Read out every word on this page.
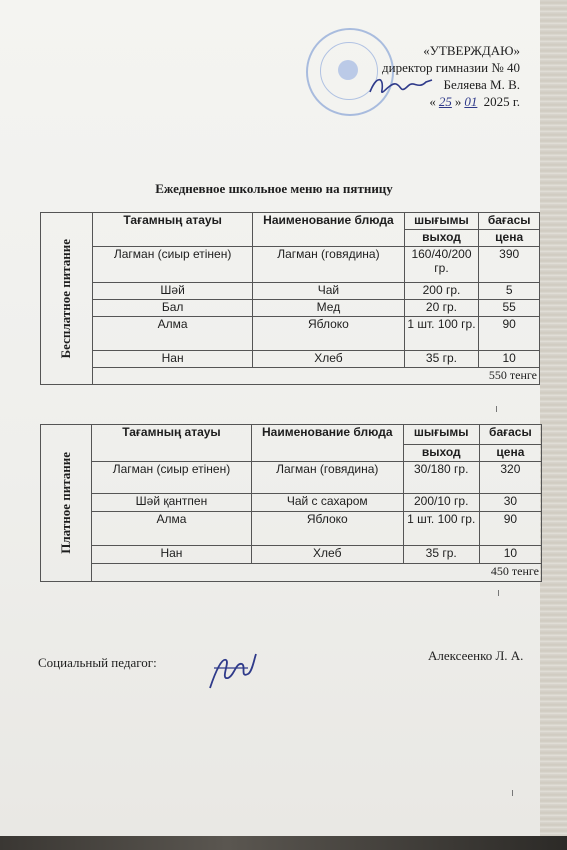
«УТВЕРЖДАЮ»
директор гимназии № 40
Беляева М. В.
« 25 » 01 2025 г.
Ежедневное школьное меню на пятницу
Бесплатное питание	Тағамның атауы	Наименование блюда	шығымы	бағасы
			выход	цена
	Лагман (сиыр етінен)	Лагман (говядина)	160/40/200 гр.	390
	Шәй	Чай	200 гр.	5
	Бал	Мед	20 гр.	55
	Алма	Яблоко	1 шт. 100 гр.	90
	Нан	Хлеб	35 гр.	10
	550 тенге			
Платное питание	Тағамның атауы	Наименование блюда	шығымы	бағасы
			выход	цена
	Лагман (сиыр етінен)	Лагман (говядина)	30/180 гр.	320
	Шәй қантпен	Чай с сахаром	200/10 гр.	30
	Алма	Яблоко	1 шт. 100 гр.	90
	Нан	Хлеб	35 гр.	10
	450 тенге			
Социальный педагог:	Алексеенко Л. А.
